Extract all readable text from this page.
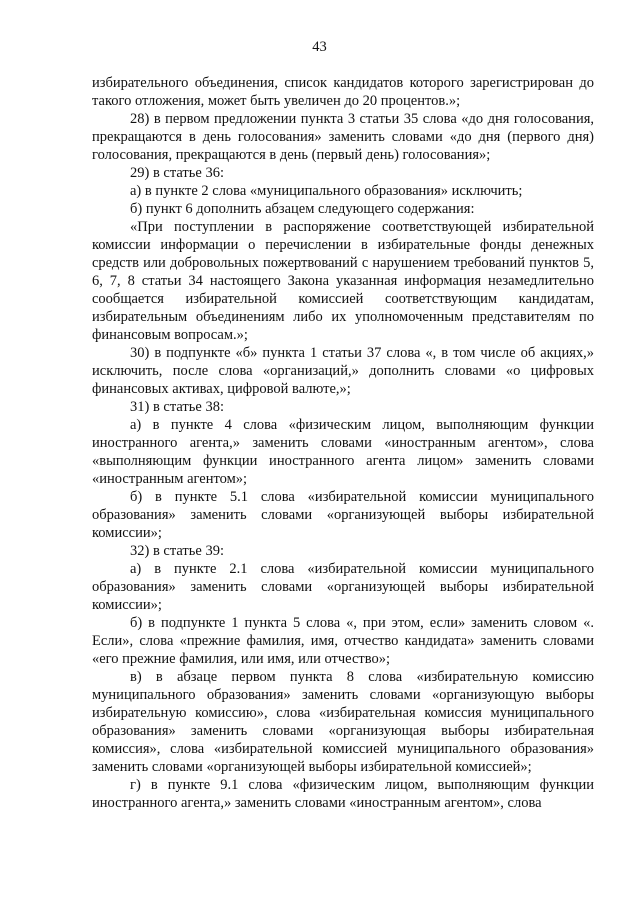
43

избирательного объединения, список кандидатов которого зарегистрирован до такого отложения, может быть увеличен до 20 процентов.»;

28) в первом предложении пункта 3 статьи 35 слова «до дня голосования, прекращаются в день голосования» заменить словами «до дня (первого дня) голосования, прекращаются в день (первый день) голосования»;

29) в статье 36:

а) в пункте 2 слова «муниципального образования» исключить;

б) пункт 6 дополнить абзацем следующего содержания:

«При поступлении в распоряжение соответствующей избирательной комиссии информации о перечислении в избирательные фонды денежных средств или добровольных пожертвований с нарушением требований пунктов 5, 6, 7, 8 статьи 34 настоящего Закона указанная информация незамедлительно сообщается избирательной комиссией соответствующим кандидатам, избирательным объединениям либо их уполномоченным представителям по финансовым вопросам.»;

30) в подпункте «б» пункта 1 статьи 37 слова «, в том числе об акциях,» исключить, после слова «организаций,» дополнить словами «о цифровых финансовых активах, цифровой валюте,»;

31) в статье 38:

а) в пункте 4 слова «физическим лицом, выполняющим функции иностранного агента,» заменить словами «иностранным агентом», слова «выполняющим функции иностранного агента лицом» заменить словами «иностранным агентом»;

б) в пункте 5.1 слова «избирательной комиссии муниципального образования» заменить словами «организующей выборы избирательной комиссии»;

32) в статье 39:

а) в пункте 2.1 слова «избирательной комиссии муниципального образования» заменить словами «организующей выборы избирательной комиссии»;

б) в подпункте 1 пункта 5 слова «, при этом, если» заменить словом «. Если», слова «прежние фамилия, имя, отчество кандидата» заменить словами «его прежние фамилия, или имя, или отчество»;

в) в абзаце первом пункта 8 слова «избирательную комиссию муниципального образования» заменить словами «организующую выборы избирательную комиссию», слова «избирательная комиссия муниципального образования» заменить словами «организующая выборы избирательная комиссия», слова «избирательной комиссией муниципального образования» заменить словами «организующей выборы избирательной комиссией»;

г) в пункте 9.1 слова «физическим лицом, выполняющим функции иностранного агента,» заменить словами «иностранным агентом», слова
